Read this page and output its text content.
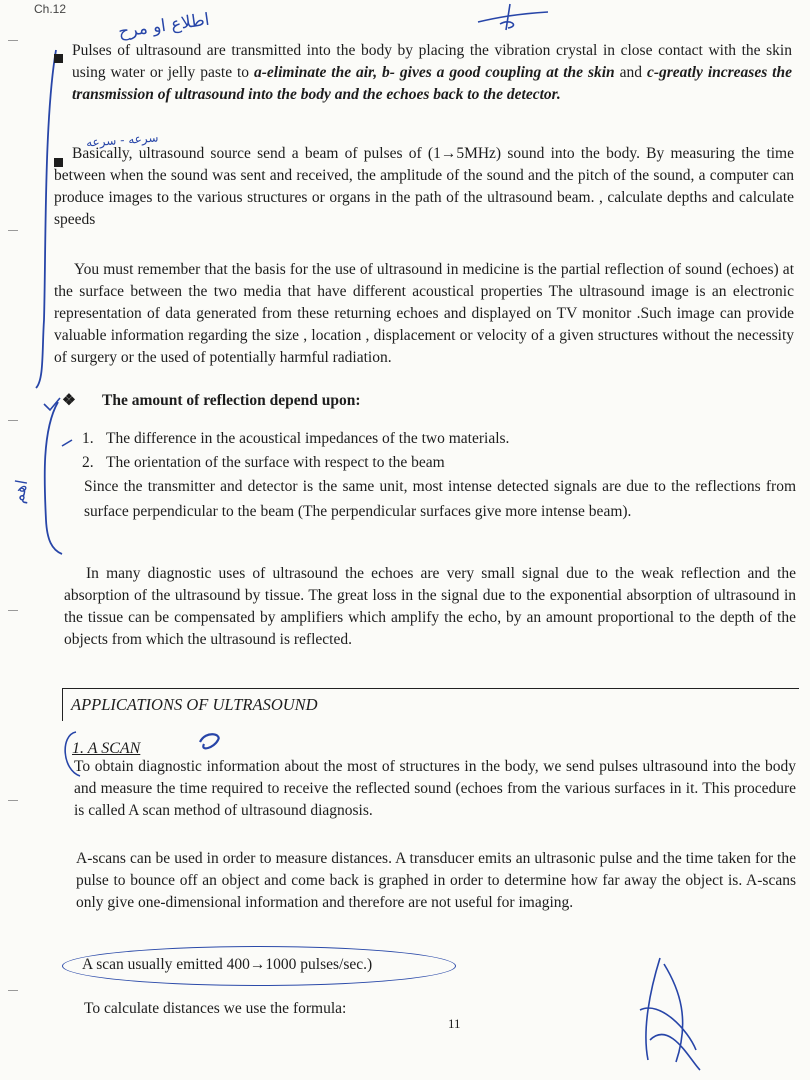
Ch.12
اطلاع او مرح
سرعه - سرعه
اهم
Pulses of ultrasound are transmitted into the body by placing the vibration crystal in close contact with the skin using water or jelly paste to a-eliminate the air, b- gives a good coupling at the skin and c-greatly increases the transmission of ultrasound into the body and the echoes back to the detector.
Basically, ultrasound source send a beam of pulses of (1→5MHz) sound into the body. By measuring the time between when the sound was sent and received, the amplitude of the sound and the pitch of the sound, a computer can produce images to the various structures or organs in the path of the ultrasound beam. , calculate depths and calculate speeds
You must remember that the basis for the use of ultrasound in medicine is the partial reflection of sound (echoes) at the surface between the two media that have different acoustical properties The ultrasound image is an electronic representation of data generated from these returning echoes and displayed on TV monitor .Such image can provide valuable information regarding the size , location , displacement or velocity of a given structures without the necessity of surgery or the used of potentially harmful radiation.
❖ The amount of reflection depend upon:
1. The difference in the acoustical impedances of the two materials.
2. The orientation of the surface with respect to the beam
Since the transmitter and detector is the same unit, most intense detected signals are due to the reflections from surface perpendicular to the beam (The perpendicular surfaces give more intense beam).
In many diagnostic uses of ultrasound the echoes are very small signal due to the weak reflection and the absorption of the ultrasound by tissue. The great loss in the signal due to the exponential absorption of ultrasound in the tissue can be compensated by amplifiers which amplify the echo, by an amount proportional to the depth of the objects from which the ultrasound is reflected.
APPLICATIONS OF ULTRASOUND
1. A SCAN
To obtain diagnostic information about the most of structures in the body, we send pulses ultrasound into the body and measure the time required to receive the reflected sound (echoes from the various surfaces in it. This procedure is called A scan method of ultrasound diagnosis.
A-scans can be used in order to measure distances. A transducer emits an ultrasonic pulse and the time taken for the pulse to bounce off an object and come back is graphed in order to determine how far away the object is. A-scans only give one-dimensional information and therefore are not useful for imaging.
A scan usually emitted 400→1000 pulses/sec.)
To calculate distances we use the formula:
11
